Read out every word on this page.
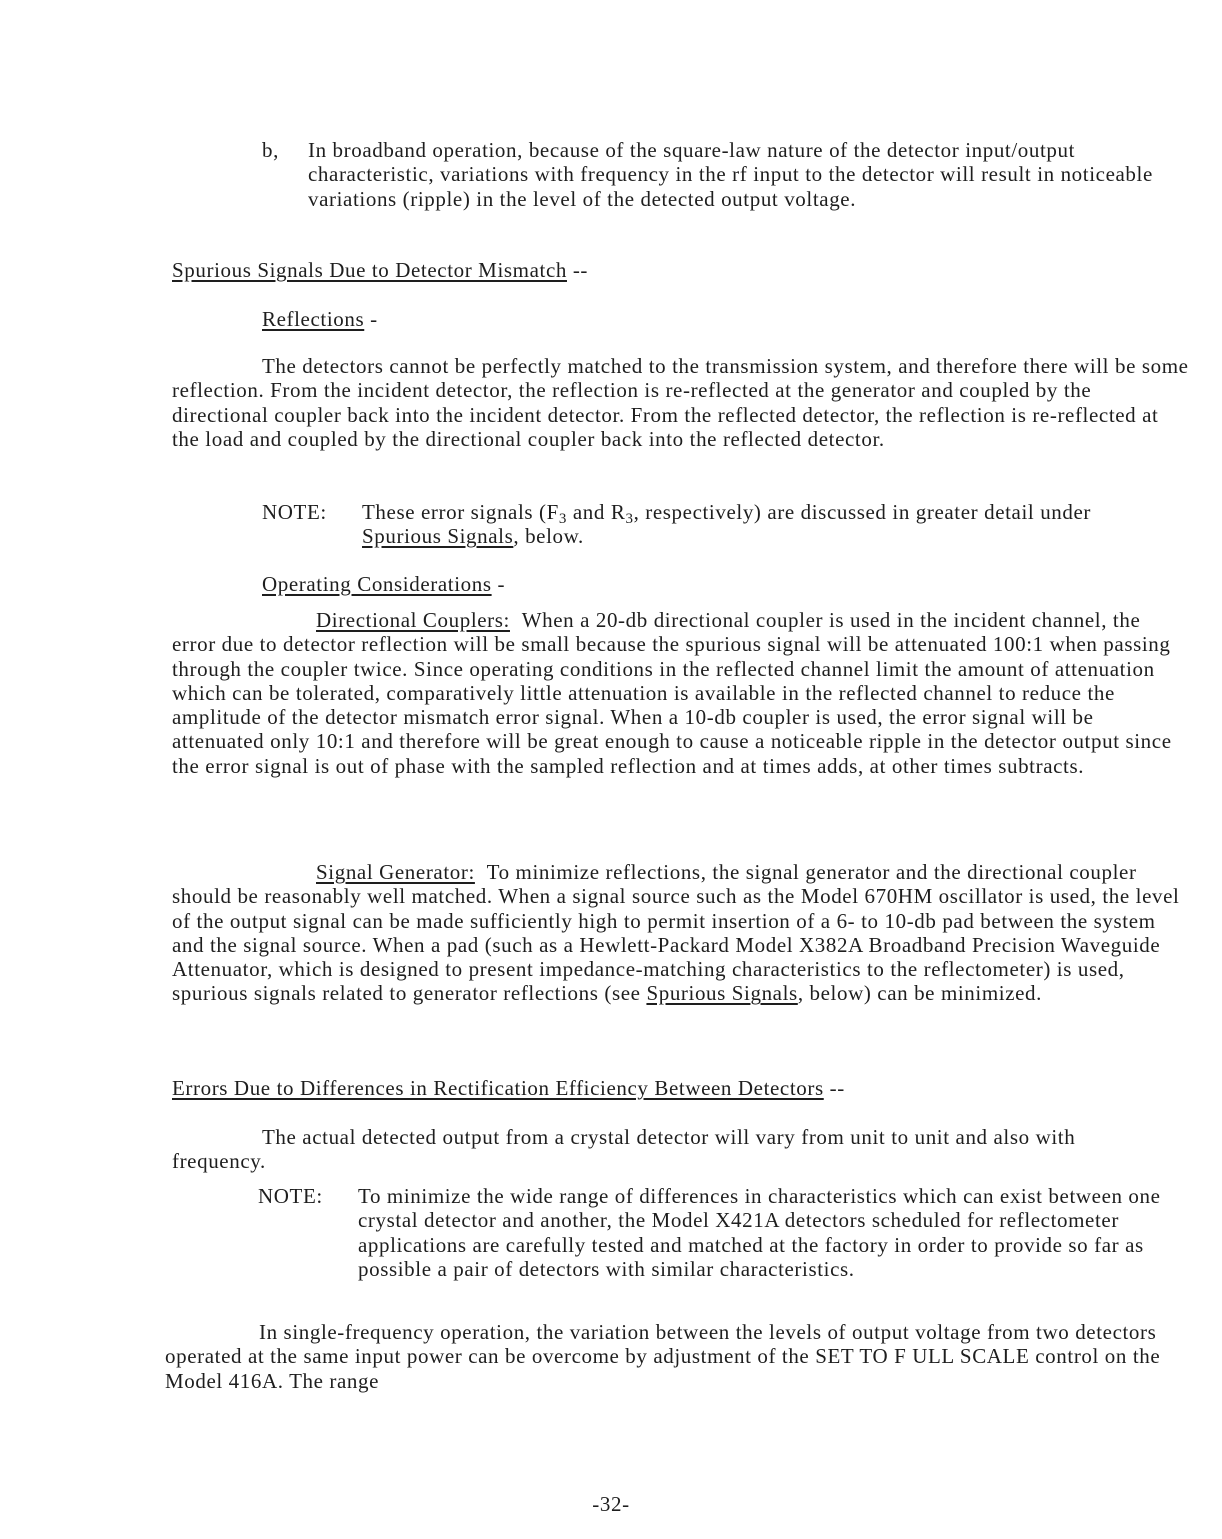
b, In broadband operation, because of the square-law nature of the detector input/output characteristic, variations with frequency in the rf input to the detector will result in noticeable variations (ripple) in the level of the detected output voltage.

Spurious Signals Due to Detector Mismatch --
Reflections -

The detectors cannot be perfectly matched to the transmission system, and therefore there will be some reflection. From the incident detector, the reflection is re-reflected at the generator and coupled by the directional coupler back into the incident detector. From the reflected detector, the reflection is re-reflected at the load and coupled by the directional coupler back into the reflected detector.

NOTE: These error signals ($F_3$ and $R_3$, respectively) are discussed in greater detail under Spurious Signals, below.
Operating Considerations -

Directional Couplers: When a 20-db directional coupler is used in the incident channel, the error due to detector reflection will be small because the spurious signal will be attenuated 100:1 when passing through the coupler twice. Since operating conditions in the reflected channel limit the amount of attenuation which can be tolerated, comparatively little attenuation is available in the reflected channel to reduce the amplitude of the detector mismatch error signal. When a 10-db coupler is used, the error signal will be attenuated only 10:1 and therefore will be great enough to cause a noticeable ripple in the detector output since the error signal is out of phase with the sampled reflection and at times adds, at other times subtracts.

Signal Generator: To minimize reflections, the signal generator and the directional coupler should be reasonably well matched. When a signal source such as the Model 670HM oscillator is used, the level of the output signal can be made sufficiently high to permit insertion of a 6- to 10-db pad between the system and the signal source. When a pad (such as a Hewlett-Packard Model X382A Broadband Precision Waveguide Attenuator, which is designed to present impedance-matching characteristics to the reflectometer) is used, spurious signals related to generator reflections (see Spurious Signals, below) can be minimized.

Errors Due to Differences in Rectification Efficiency Between Detectors --

The actual detected output from a crystal detector will vary from unit to unit and also with frequency.

NOTE: To minimize the wide range of differences in characteristics which can exist between one crystal detector and another, the Model X421A detectors scheduled for reflectometer applications are carefully tested and matched at the factory in order to provide so far as possible a pair of detectors with similar characteristics.

In single-frequency operation, the variation between the levels of output voltage from two detectors operated at the same input power can be overcome by adjustment of the SET TO F ULL SCALE control on the Model 416A. The range

-32-
